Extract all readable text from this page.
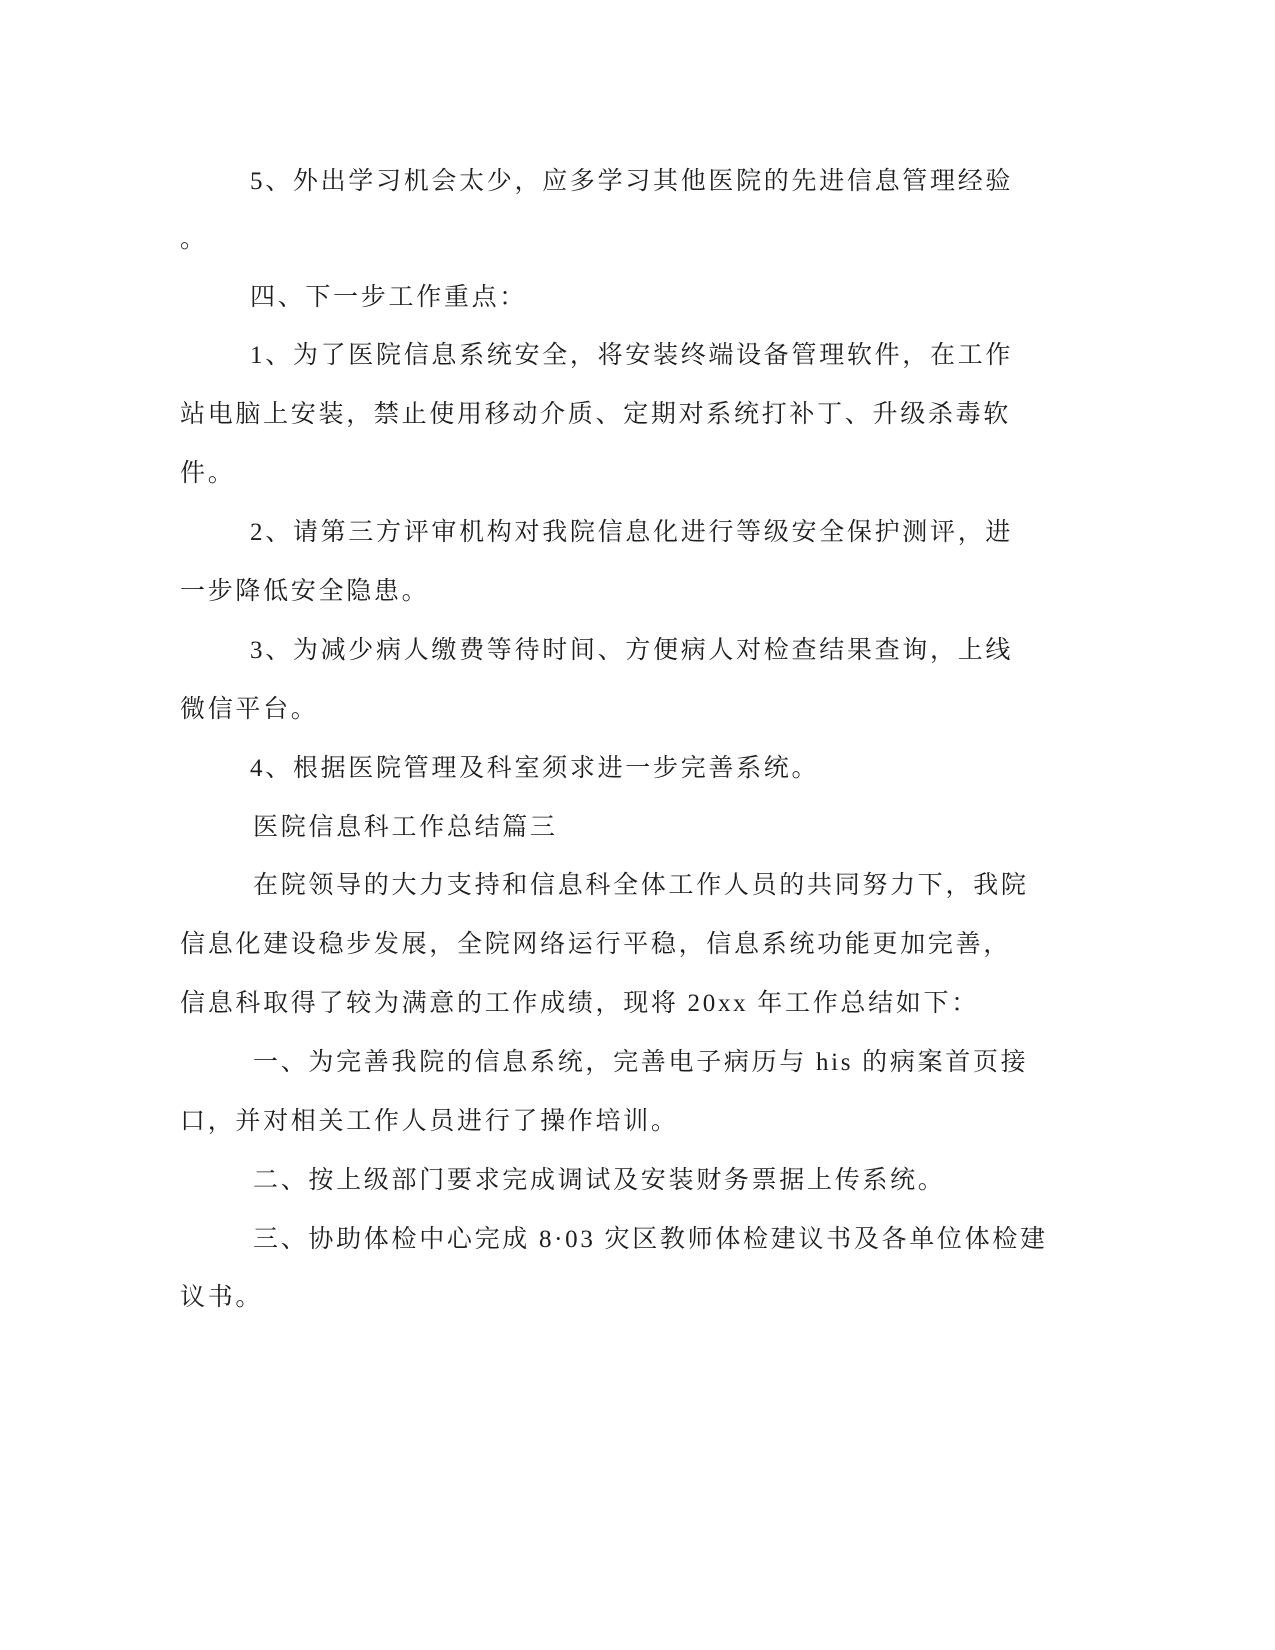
5、外出学习机会太少，应多学习其他医院的先进信息管理经验
。
四、下一步工作重点：
1、为了医院信息系统安全，将安装终端设备管理软件，在工作
站电脑上安装，禁止使用移动介质、定期对系统打补丁、升级杀毒软
件。
2、请第三方评审机构对我院信息化进行等级安全保护测评，进
一步降低安全隐患。
3、为减少病人缴费等待时间、方便病人对检查结果查询，上线
微信平台。
4、根据医院管理及科室须求进一步完善系统。
医院信息科工作总结篇三
在院领导的大力支持和信息科全体工作人员的共同努力下，我院
信息化建设稳步发展，全院网络运行平稳，信息系统功能更加完善，
信息科取得了较为满意的工作成绩，现将 20xx 年工作总结如下：
一、为完善我院的信息系统，完善电子病历与 his 的病案首页接
口，并对相关工作人员进行了操作培训。
二、按上级部门要求完成调试及安装财务票据上传系统。
三、协助体检中心完成 8·03 灾区教师体检建议书及各单位体检建
议书。
